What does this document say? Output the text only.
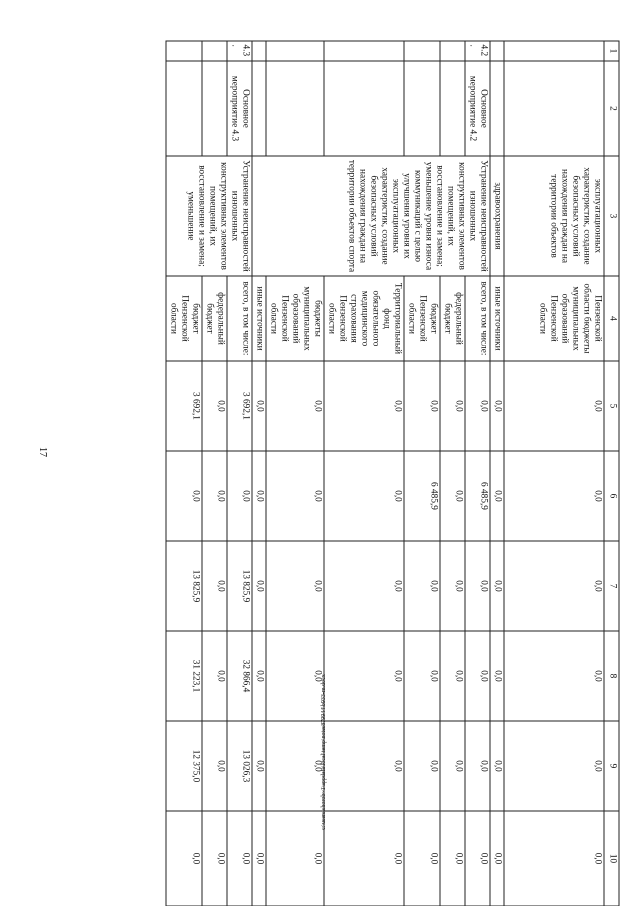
17
c:\users\shorob~1\appdata\local\temp\notes879944\b933-m.docx
1	2	3	4	5	6	7	8	9	10
		эксплуатационных характеристик, создание безопасных условий нахождения граждан на территории объектов	Пензенской области бюджеты муниципальных образований Пензенской области	0,0	0,0	0,0	0,0	0,0	0,0
		здравоохранения	иные источники	0,0	0,0	0,0	0,0	0,0	0,0
4.2.	Основное мероприятие 4.2	Устранение неисправностей изношенных конструктивных элементов помещений, их восстановление и замена; уменьшение уровня износа коммуникаций с целью улучшения уровня их эксплуатационных характеристик, создание безопасных условий нахождения граждан на территории объектов спорта	всего, в том числе:	0,0	6 485,9	0,0	0,0	0,0	0,0
			федеральный бюджет	0,0	0,0	0,0	0,0	0,0	0,0
			бюджет Пензенской области	0,0	6 485,9	0,0	0,0	0,0	0,0
			Территориальный фонд обязательного медицинского страхования Пензенской области	0,0	0,0	0,0	0,0	0,0	0,0
			бюджеты муниципальных образований Пензенской области	0,0	0,0	0,0	0,0	0,0	0,0
			иные источники	0,0	0,0	0,0	0,0	0,0	0,0
4.3.	Основное мероприятие 4.3	Устранение неисправностей изношенных конструктивных элементов помещений, их восстановление и замена; уменьшение	всего, в том числе:	3 692,1	0,0	13 825,9	32 866,4	13 026,3	0,0
			федеральный бюджет	0,0	0,0	0,0	0,0	0,0	0,0
			бюджет Пензенской области	3 692,1	0,0	13 825,9	31 223,1	12 375,0	0,0
